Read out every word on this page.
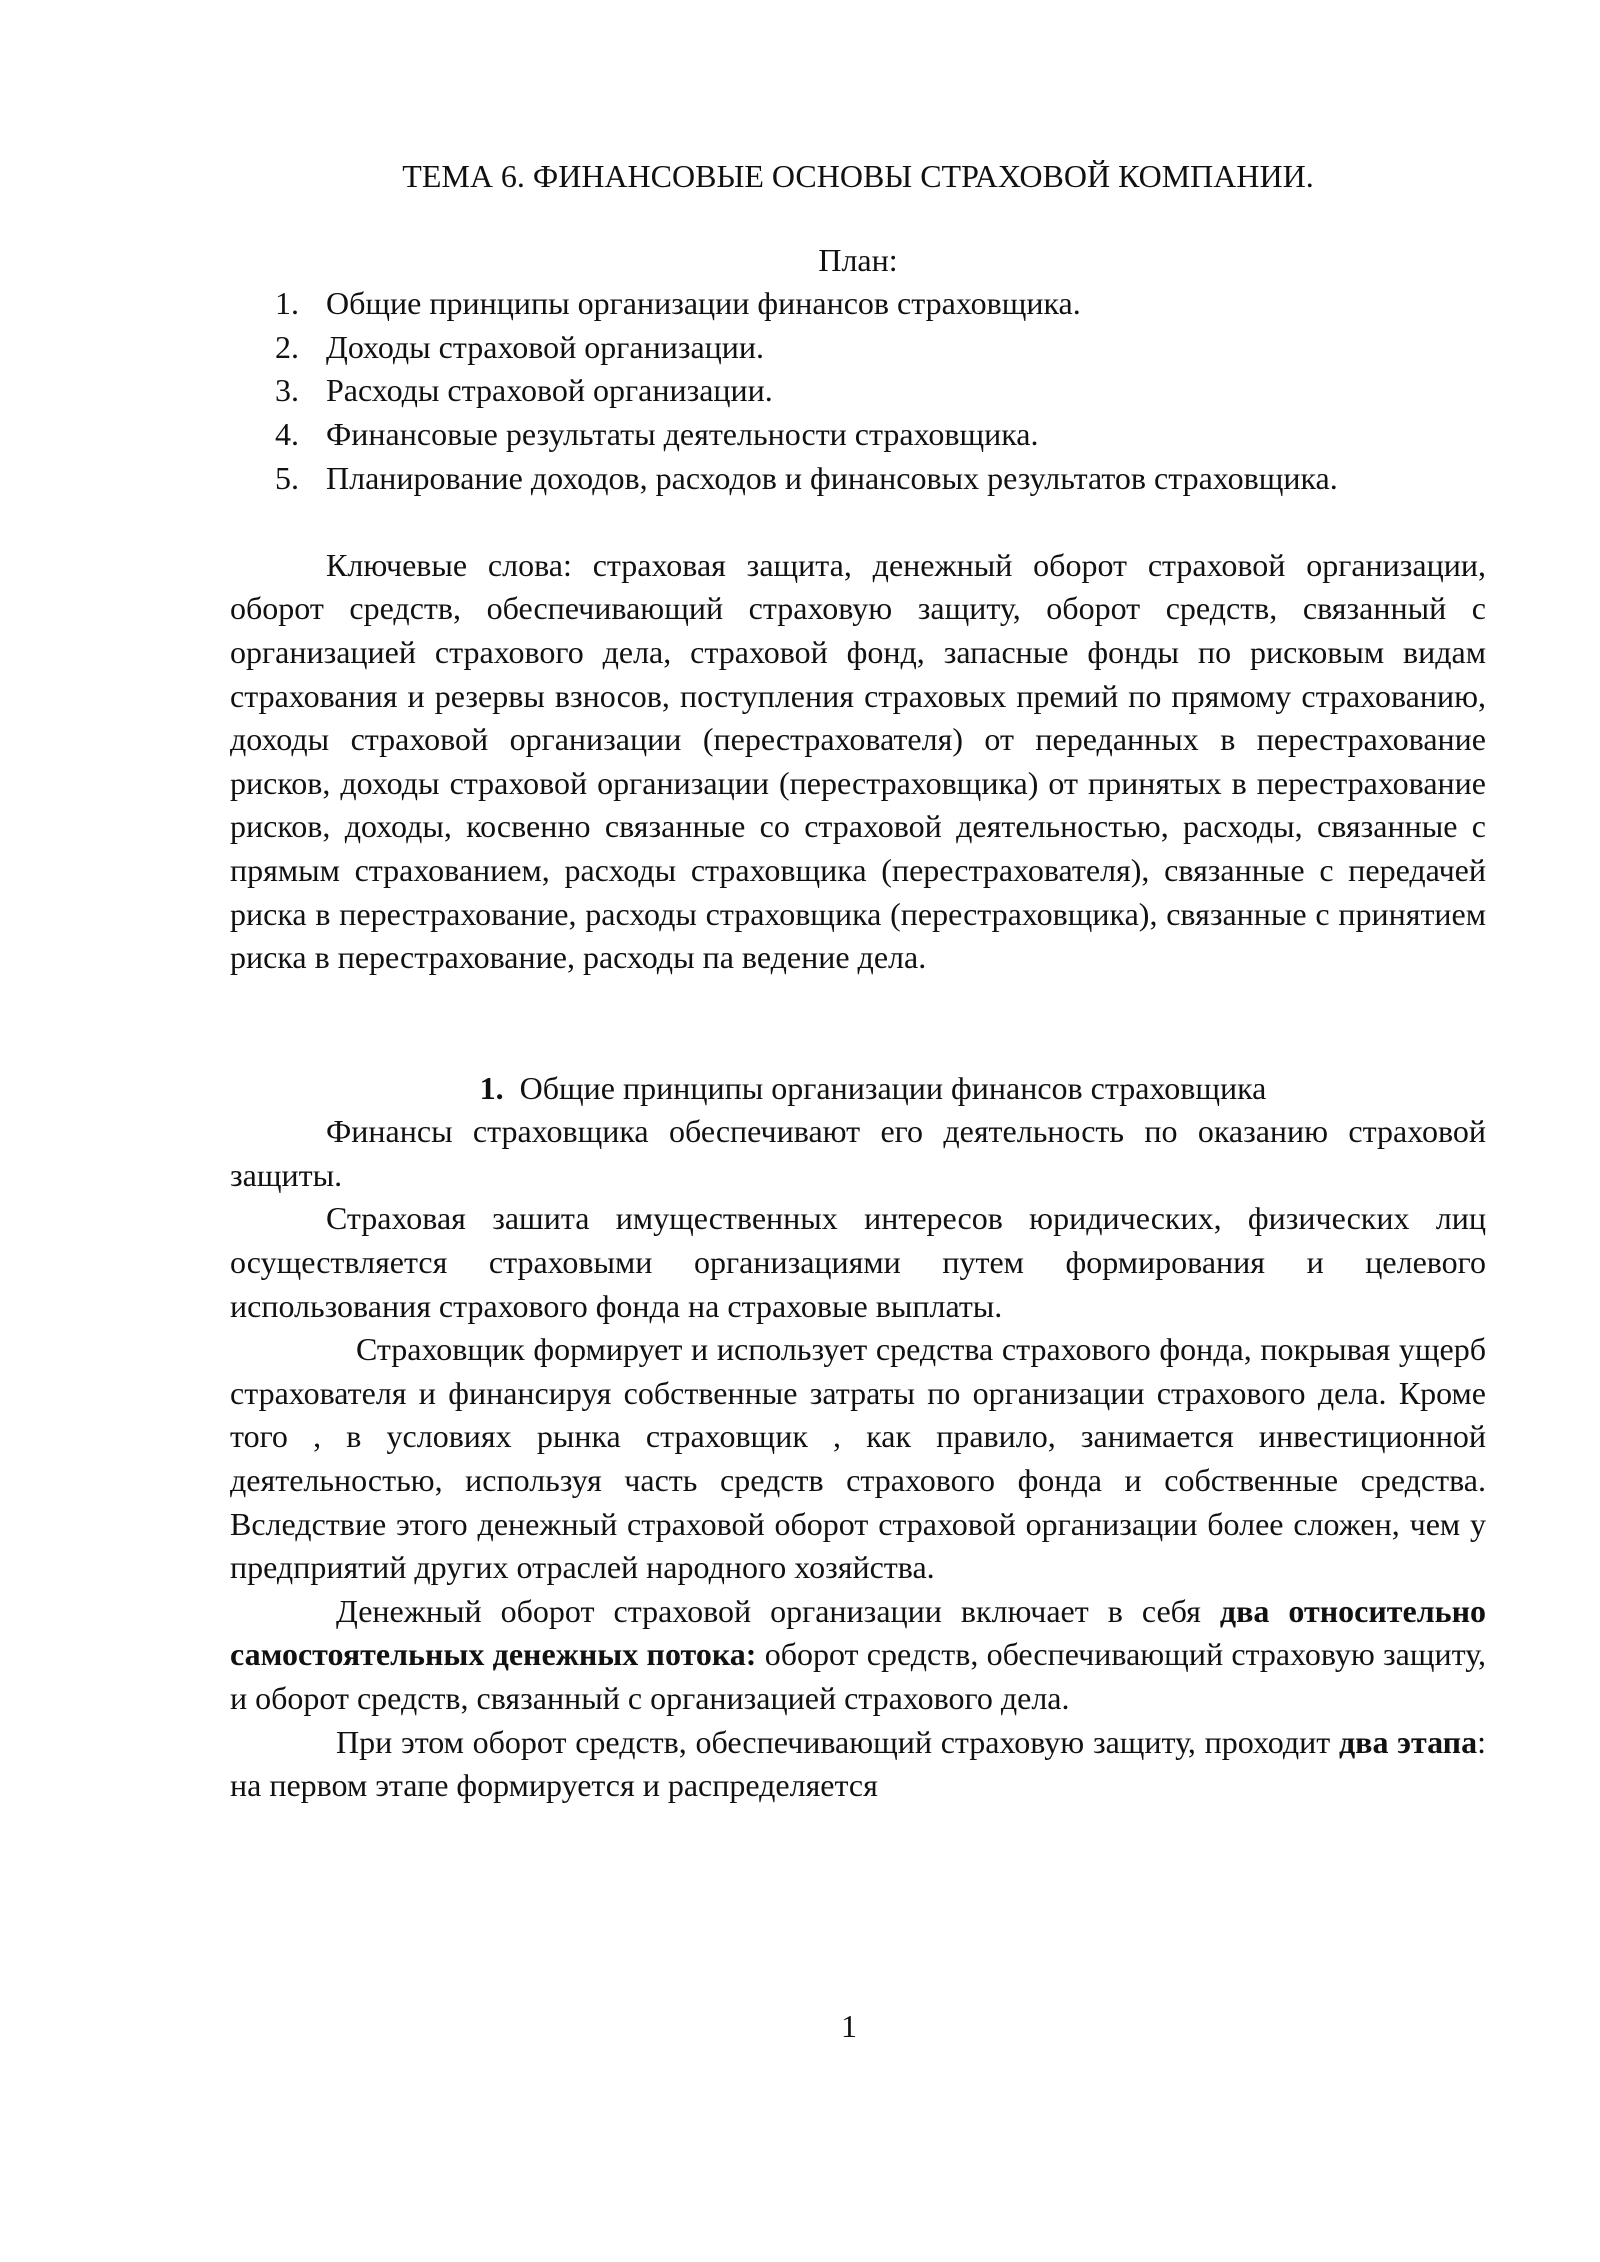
ТЕМА 6. ФИНАНСОВЫЕ ОСНОВЫ СТРАХОВОЙ КОМПАНИИ.
План:
1. Общие принципы организации финансов страховщика.
2. Доходы страховой организации.
3. Расходы страховой организации.
4. Финансовые результаты деятельности страховщика.
5. Планирование доходов, расходов и финансовых результатов страховщика.

Ключевые слова: страховая защита, денежный оборот страховой организации, оборот средств, обеспечивающий страховую защиту, оборот средств, связанный с организацией страхового дела, страховой фонд, запасные фонды по рисковым видам страхования и резервы взносов, поступления страховых премий по прямому страхованию, доходы страховой организации (перестрахователя) от переданных в перестрахование рисков, доходы страховой организации (перестраховщика) от принятых в перестрахование рисков, доходы, косвенно связанные со страховой деятельностью, расходы, связанные с прямым страхованием, расходы страховщика (перестрахователя), связанные с передачей риска в перестрахование, расходы страховщика (перестраховщика), связанные с принятием риска в перестрахование, расходы па ведение дела.

1. Общие принципы организации финансов страховщика

Финансы страховщика обеспечивают его деятельность по оказанию страховой защиты.

Страховая зашита имущественных интересов юридических, физических лиц осуществляется страховыми организациями путем формирования и целевого использования страхового фонда на страховые выплаты.

Страховщик формирует и использует средства страхового фонда, покрывая ущерб страхователя и финансируя собственные затраты по организации страхового дела. Кроме того , в условиях рынка страховщик , как правило, занимается инвестиционной деятельностью, используя часть средств страхового фонда и собственные средства. Вследствие этого денежный страховой оборот страховой организации более сложен, чем у предприятий других отраслей народного хозяйства.

Денежный оборот страховой организации включает в себя два относительно самостоятельных денежных потока: оборот средств, обеспечивающий страховую защиту, и оборот средств, связанный с организацией страхового дела.

При этом оборот средств, обеспечивающий страховую защиту, проходит два этапа: на первом этапе формируется и распределяется

1
